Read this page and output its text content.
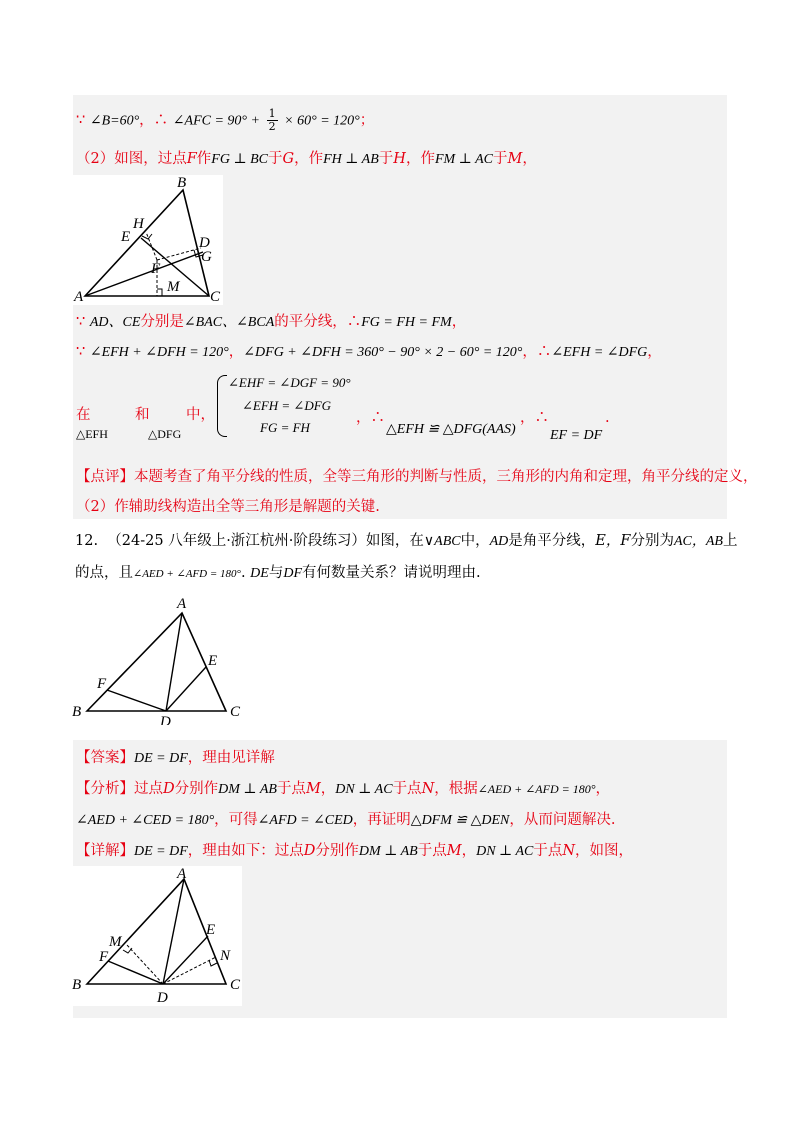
∵ ∠B=60°，∴ ∠AFC = $90^\circ + \frac{1}{2} \times 60^\circ = 120^\circ$；
（2）如图，过点F作FG ⊥ BC于G，作FH ⊥ AB于H，作FM ⊥ AC于M，
A
B
C
D
E
F
G
H
M
∵ AD、CE分别是∠BAC、∠BCA的平分线，∴FG = FH = FM，
∵ ∠EFH + ∠DFH = 120°，∠DFG + ∠DFH = 360° − 90° × 2 − 60° = 120°，∴∠EFH = ∠DFG，
在	和	中，
△EFH	△DFG
∠EHF = ∠DGF = 90°
∠EFH = ∠DFG
FG = FH
，∴
△EFH ≌ △DFG(AAS)
，∴
EF = DF
.
【点评】本题考查了角平分线的性质，全等三角形的判断与性质，三角形的内角和定理，角平分线的定义，
（2）作辅助线构造出全等三角形是解题的关键.
12. （24-25 八年级上·浙江杭州·阶段练习）如图，在∨ABC中，AD是角平分线，E，F分别为AC，AB上
的点，且∠AED + ∠AFD = 180°. DE与DF有何数量关系？请说明理由.
A
B	C
D
E
F
【答案】DE = DF，理由见详解
【分析】过点D分别作DM ⊥ AB于点M，DN ⊥ AC于点N，根据∠AED + ∠AFD = 180°，
∠AED + ∠CED = 180°，可得∠AFD = ∠CED，再证明△DFM ≌ △DEN，从而问题解决.
【详解】DE = DF，理由如下：过点D分别作DM ⊥ AB于点M，DN ⊥ AC于点N，如图，
A
B	C
D
E
F
M
N
